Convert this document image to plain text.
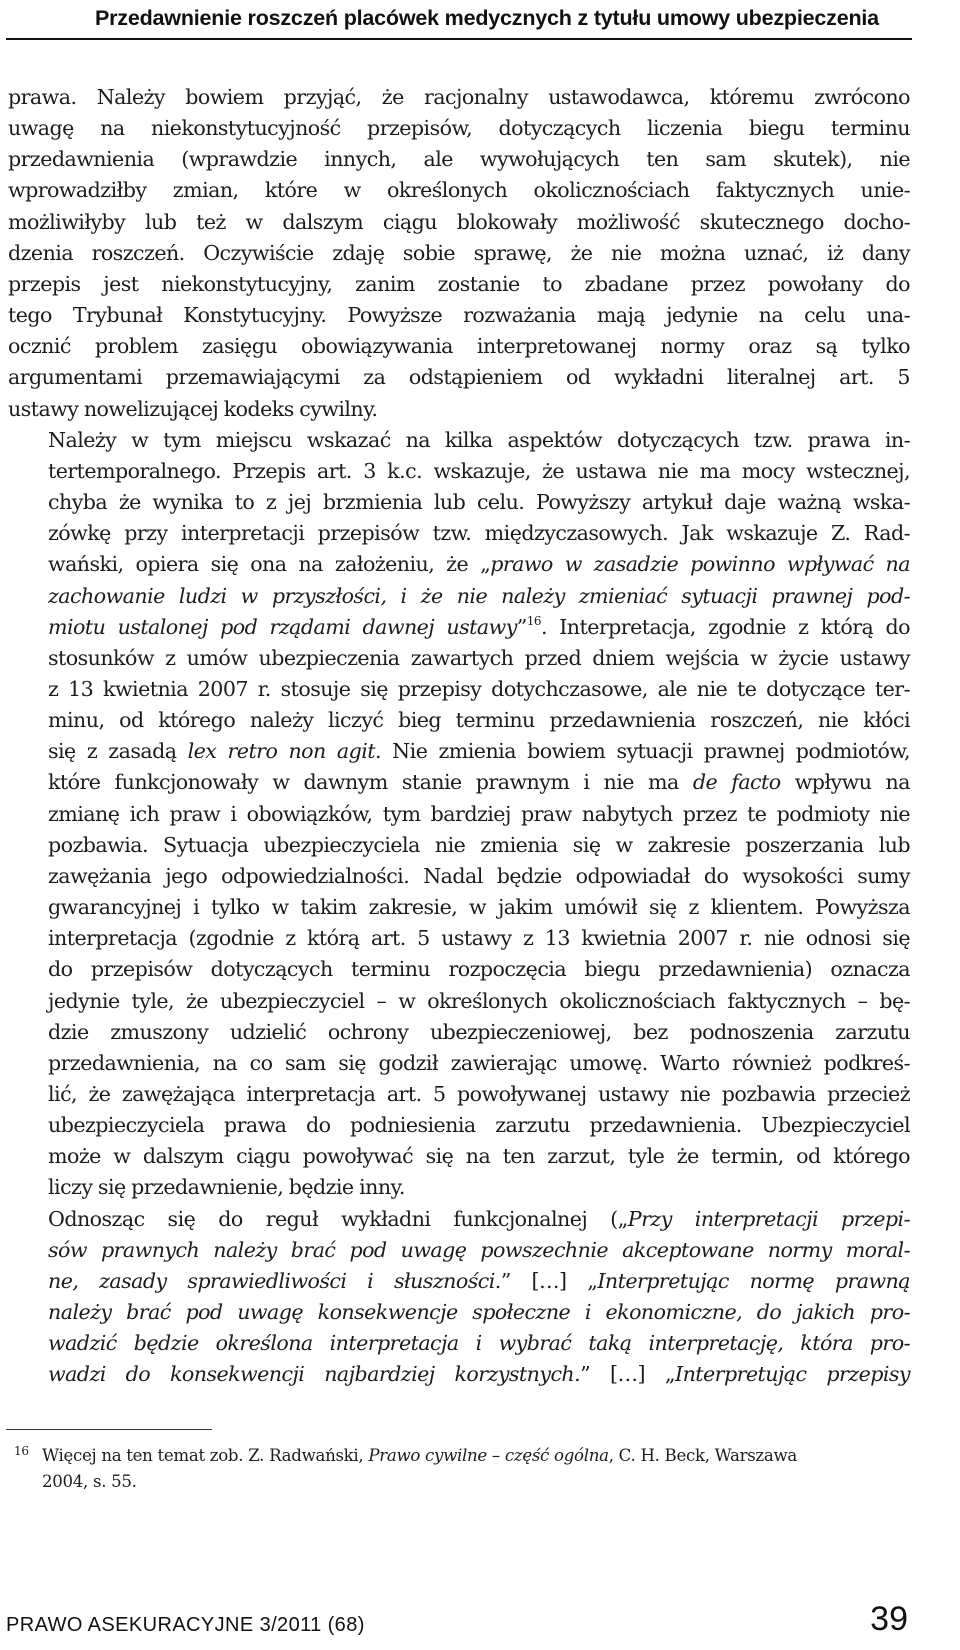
Przedawnienie roszczeń placówek medycznych z tytułu umowy ubezpieczenia

prawa. Należy bowiem przyjąć, że racjonalny ustawodawca, któremu zwrócono
uwagę na niekonstytucyjność przepisów, dotyczących liczenia biegu terminu
przedawnienia (wprawdzie innych, ale wywołujących ten sam skutek), nie
wprowadziłby zmian, które w określonych okolicznościach faktycznych unie-
możliwiłyby lub też w dalszym ciągu blokowały możliwość skutecznego docho-
dzenia roszczeń. Oczywiście zdaję sobie sprawę, że nie można uznać, iż dany
przepis jest niekonstytucyjny, zanim zostanie to zbadane przez powołany do
tego Trybunał Konstytucyjny. Powyższe rozważania mają jedynie na celu una-
ocznić problem zasięgu obowiązywania interpretowanej normy oraz są tylko
argumentami przemawiającymi za odstąpieniem od wykładni literalnej art. 5
ustawy nowelizującej kodeks cywilny.

Należy w tym miejscu wskazać na kilka aspektów dotyczących tzw. prawa in-
tertemporalnego. Przepis art. 3 k.c. wskazuje, że ustawa nie ma mocy wstecznej,
chyba że wynika to z jej brzmienia lub celu. Powyższy artykuł daje ważną wska-
zówkę przy interpretacji przepisów tzw. międzyczasowych. Jak wskazuje Z. Rad-
wański, opiera się ona na założeniu, że „prawo w zasadzie powinno wpływać na
zachowanie ludzi w przyszłości, i że nie należy zmieniać sytuacji prawnej pod-
miotu ustalonej pod rządami dawnej ustawy”$^{16}$. Interpretacja, zgodnie z którą do
stosunków z umów ubezpieczenia zawartych przed dniem wejścia w życie ustawy
z 13 kwietnia 2007 r. stosuje się przepisy dotychczasowe, ale nie te dotyczące ter-
minu, od którego należy liczyć bieg terminu przedawnienia roszczeń, nie kłóci
się z zasadą lex retro non agit. Nie zmienia bowiem sytuacji prawnej podmiotów,
które funkcjonowały w dawnym stanie prawnym i nie ma de facto wpływu na
zmianę ich praw i obowiązków, tym bardziej praw nabytych przez te podmioty nie
pozbawia. Sytuacja ubezpieczyciela nie zmienia się w zakresie poszerzania lub
zawężania jego odpowiedzialności. Nadal będzie odpowiadał do wysokości sumy
gwarancyjnej i tylko w takim zakresie, w jakim umówił się z klientem. Powyższa
interpretacja (zgodnie z którą art. 5 ustawy z 13 kwietnia 2007 r. nie odnosi się
do przepisów dotyczących terminu rozpoczęcia biegu przedawnienia) oznacza
jedynie tyle, że ubezpieczyciel – w określonych okolicznościach faktycznych – bę-
dzie zmuszony udzielić ochrony ubezpieczeniowej, bez podnoszenia zarzutu
przedawnienia, na co sam się godził zawierając umowę. Warto również podkreś-
lić, że zawężająca interpretacja art. 5 powoływanej ustawy nie pozbawia przecież
ubezpieczyciela prawa do podniesienia zarzutu przedawnienia. Ubezpieczyciel
może w dalszym ciągu powoływać się na ten zarzut, tyle że termin, od którego
liczy się przedawnienie, będzie inny.

Odnosząc się do reguł wykładni funkcjonalnej („Przy interpretacji przepi-
sów prawnych należy brać pod uwagę powszechnie akceptowane normy moral-
ne, zasady sprawiedliwości i słuszności.” […] „Interpretując normę prawną
należy brać pod uwagę konsekwencje społeczne i ekonomiczne, do jakich pro-
wadzić będzie określona interpretacja i wybrać taką interpretację, która pro-
wadzi do konsekwencji najbardziej korzystnych.” […] „Interpretując przepisy

16 Więcej na ten temat zob. Z. Radwański, Prawo cywilne – część ogólna, C. H. Beck, Warszawa
2004, s. 55.
PRAWO ASEKURACYJNE 3/2011 (68)	39
